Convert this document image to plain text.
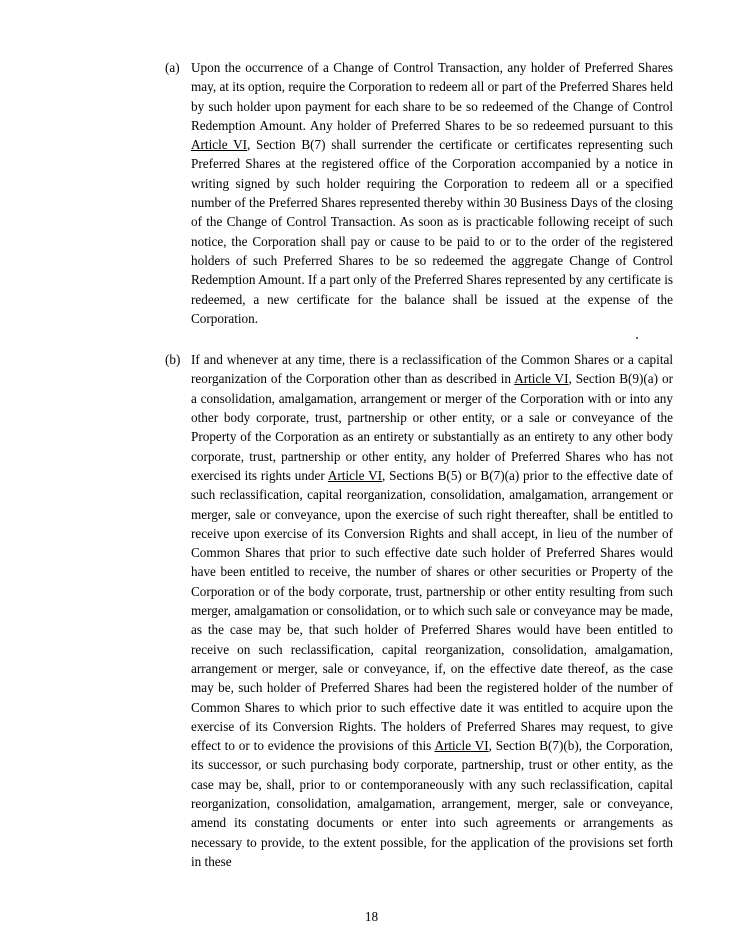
(a) Upon the occurrence of a Change of Control Transaction, any holder of Preferred Shares may, at its option, require the Corporation to redeem all or part of the Preferred Shares held by such holder upon payment for each share to be so redeemed of the Change of Control Redemption Amount. Any holder of Preferred Shares to be so redeemed pursuant to this Article VI, Section B(7) shall surrender the certificate or certificates representing such Preferred Shares at the registered office of the Corporation accompanied by a notice in writing signed by such holder requiring the Corporation to redeem all or a specified number of the Preferred Shares represented thereby within 30 Business Days of the closing of the Change of Control Transaction. As soon as is practicable following receipt of such notice, the Corporation shall pay or cause to be paid to or to the order of the registered holders of such Preferred Shares to be so redeemed the aggregate Change of Control Redemption Amount. If a part only of the Preferred Shares represented by any certificate is redeemed, a new certificate for the balance shall be issued at the expense of the Corporation.
(b) If and whenever at any time, there is a reclassification of the Common Shares or a capital reorganization of the Corporation other than as described in Article VI, Section B(9)(a) or a consolidation, amalgamation, arrangement or merger of the Corporation with or into any other body corporate, trust, partnership or other entity, or a sale or conveyance of the Property of the Corporation as an entirety or substantially as an entirety to any other body corporate, trust, partnership or other entity, any holder of Preferred Shares who has not exercised its rights under Article VI, Sections B(5) or B(7)(a) prior to the effective date of such reclassification, capital reorganization, consolidation, amalgamation, arrangement or merger, sale or conveyance, upon the exercise of such right thereafter, shall be entitled to receive upon exercise of its Conversion Rights and shall accept, in lieu of the number of Common Shares that prior to such effective date such holder of Preferred Shares would have been entitled to receive, the number of shares or other securities or Property of the Corporation or of the body corporate, trust, partnership or other entity resulting from such merger, amalgamation or consolidation, or to which such sale or conveyance may be made, as the case may be, that such holder of Preferred Shares would have been entitled to receive on such reclassification, capital reorganization, consolidation, amalgamation, arrangement or merger, sale or conveyance, if, on the effective date thereof, as the case may be, such holder of Preferred Shares had been the registered holder of the number of Common Shares to which prior to such effective date it was entitled to acquire upon the exercise of its Conversion Rights. The holders of Preferred Shares may request, to give effect to or to evidence the provisions of this Article VI, Section B(7)(b), the Corporation, its successor, or such purchasing body corporate, partnership, trust or other entity, as the case may be, shall, prior to or contemporaneously with any such reclassification, capital reorganization, consolidation, amalgamation, arrangement, merger, sale or conveyance, amend its constating documents or enter into such agreements or arrangements as necessary to provide, to the extent possible, for the application of the provisions set forth in these
18
